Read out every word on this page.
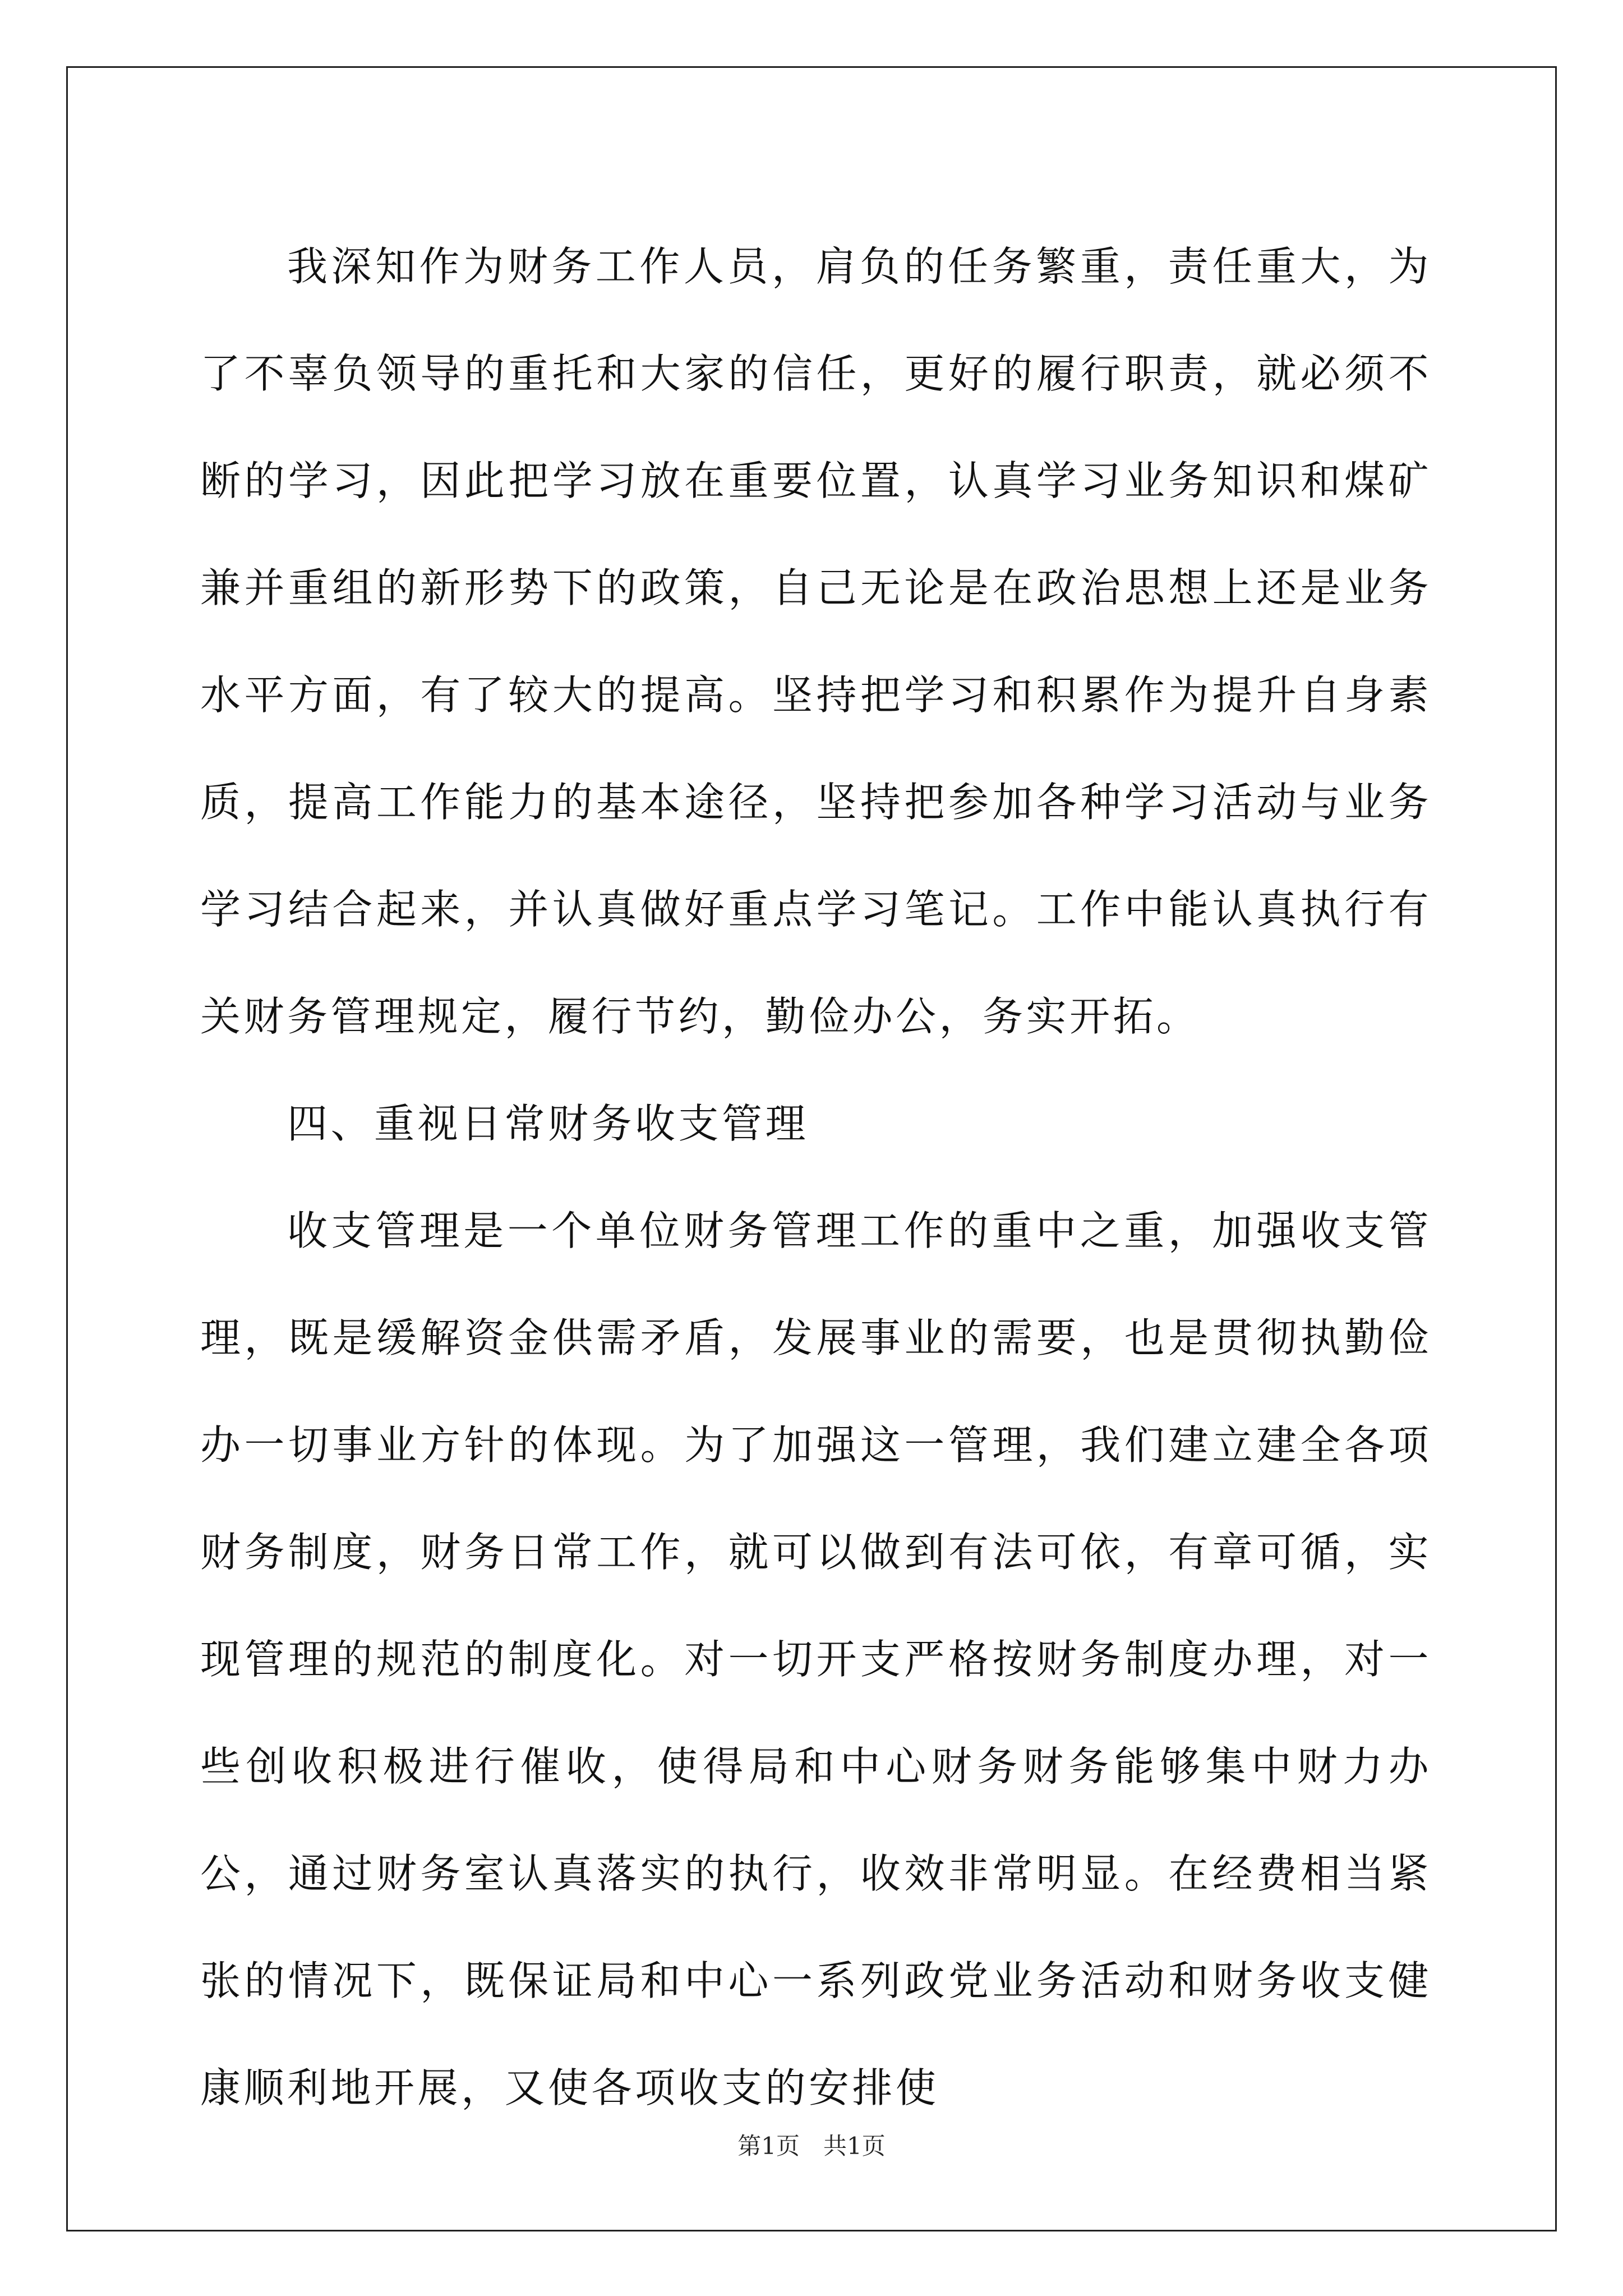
我深知作为财务工作人员，肩负的任务繁重，责任重大，为了不辜负领导的重托和大家的信任，更好的履行职责，就必须不断的学习，因此把学习放在重要位置，认真学习业务知识和煤矿兼并重组的新形势下的政策，自己无论是在政治思想上还是业务水平方面，有了较大的提高。坚持把学习和积累作为提升自身素质，提高工作能力的基本途径，坚持把参加各种学习活动与业务学习结合起来，并认真做好重点学习笔记。工作中能认真执行有关财务管理规定，履行节约，勤俭办公，务实开拓。

四、重视日常财务收支管理

收支管理是一个单位财务管理工作的重中之重，加强收支管理，既是缓解资金供需矛盾，发展事业的需要，也是贯彻执勤俭办一切事业方针的体现。为了加强这一管理，我们建立建全各项财务制度，财务日常工作，就可以做到有法可依，有章可循，实现管理的规范的制度化。对一切开支严格按财务制度办理，对一些创收积极进行催收，使得局和中心财务财务能够集中财力办公，通过财务室认真落实的执行，收效非常明显。在经费相当紧张的情况下，既保证局和中心一系列政党业务活动和财务收支健康顺利地开展，又使各项收支的安排使

第1页　共1页
